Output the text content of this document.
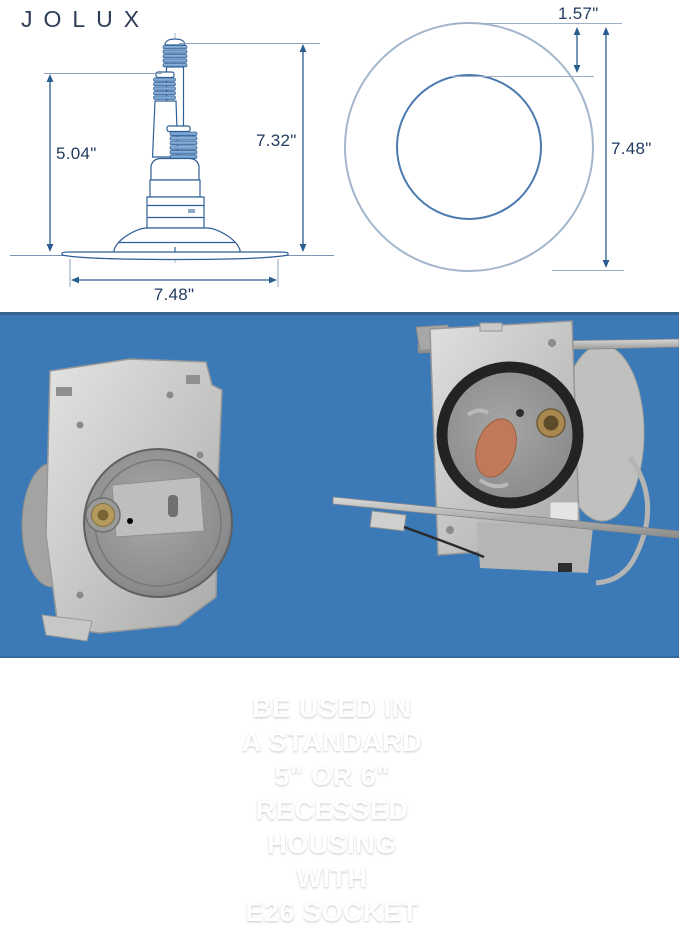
JOLUX
5.04"
7.32"
7.48"
1.57"
7.48"
BE USED IN
A STANDARD
5" OR 6"
RECESSED
HOUSING
WITH
E26 SOCKET
